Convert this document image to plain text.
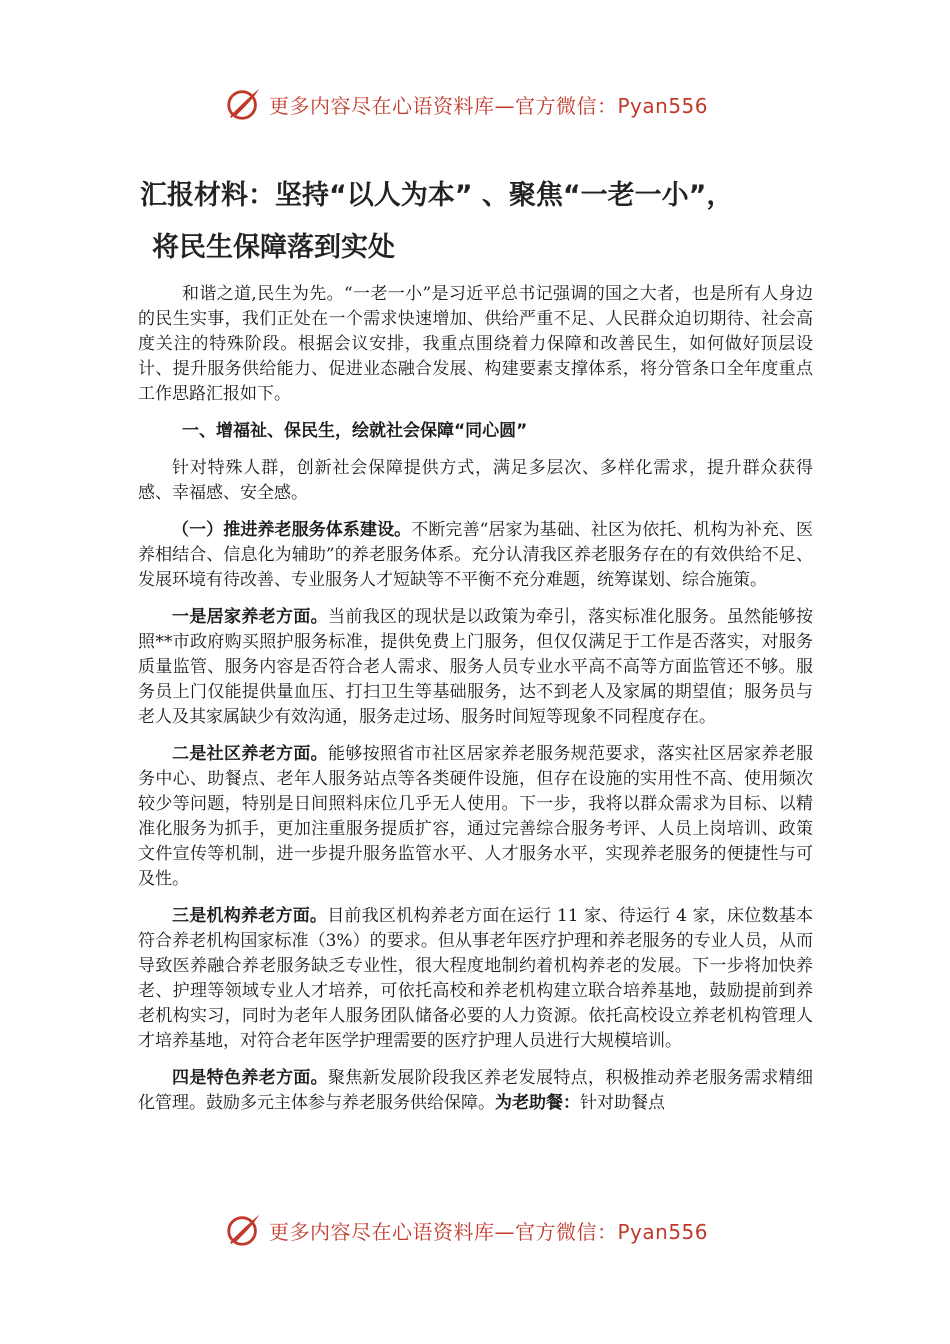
更多内容尽在心语资料库—官方微信：Pyan556
汇报材料：坚持“以人为本” 、聚焦“一老一小”，
将民生保障落到实处

和谐之道,民生为先。“一老一小”是习近平总书记强调的国之大者，也是所有人身边的民生实事，我们正处在一个需求快速增加、供给严重不足、人民群众迫切期待、社会高度关注的特殊阶段。根据会议安排，我重点围绕着力保障和改善民生，如何做好顶层设计、提升服务供给能力、促进业态融合发展、构建要素支撑体系，将分管条口全年度重点工作思路汇报如下。

一、增福祉、保民生，绘就社会保障“同心圆”

针对特殊人群，创新社会保障提供方式，满足多层次、多样化需求，提升群众获得感、幸福感、安全感。

（一）推进养老服务体系建设。不断完善“居家为基础、社区为依托、机构为补充、医养相结合、信息化为辅助”的养老服务体系。充分认清我区养老服务存在的有效供给不足、发展环境有待改善、专业服务人才短缺等不平衡不充分难题，统筹谋划、综合施策。

一是居家养老方面。当前我区的现状是以政策为牵引，落实标准化服务。虽然能够按照**市政府购买照护服务标准，提供免费上门服务，但仅仅满足于工作是否落实，对服务质量监管、服务内容是否符合老人需求、服务人员专业水平高不高等方面监管还不够。服务员上门仅能提供量血压、打扫卫生等基础服务，达不到老人及家属的期望值；服务员与老人及其家属缺少有效沟通，服务走过场、服务时间短等现象不同程度存在。

二是社区养老方面。能够按照省市社区居家养老服务规范要求，落实社区居家养老服务中心、助餐点、老年人服务站点等各类硬件设施，但存在设施的实用性不高、使用频次较少等问题，特别是日间照料床位几乎无人使用。下一步，我将以群众需求为目标、以精准化服务为抓手，更加注重服务提质扩容，通过完善综合服务考评、人员上岗培训、政策文件宣传等机制，进一步提升服务监管水平、人才服务水平，实现养老服务的便捷性与可及性。

三是机构养老方面。目前我区机构养老方面在运行 11 家、待运行 4 家，床位数基本符合养老机构国家标准（3%）的要求。但从事老年医疗护理和养老服务的专业人员，从而导致医养融合养老服务缺乏专业性，很大程度地制约着机构养老的发展。下一步将加快养老、护理等领域专业人才培养，可依托高校和养老机构建立联合培养基地，鼓励提前到养老机构实习，同时为老年人服务团队储备必要的人力资源。依托高校设立养老机构管理人才培养基地，对符合老年医学护理需要的医疗护理人员进行大规模培训。

四是特色养老方面。聚焦新发展阶段我区养老发展特点，积极推动养老服务需求精细化管理。鼓励多元主体参与养老服务供给保障。为老助餐：针对助餐点

更多内容尽在心语资料库—官方微信：Pyan556
